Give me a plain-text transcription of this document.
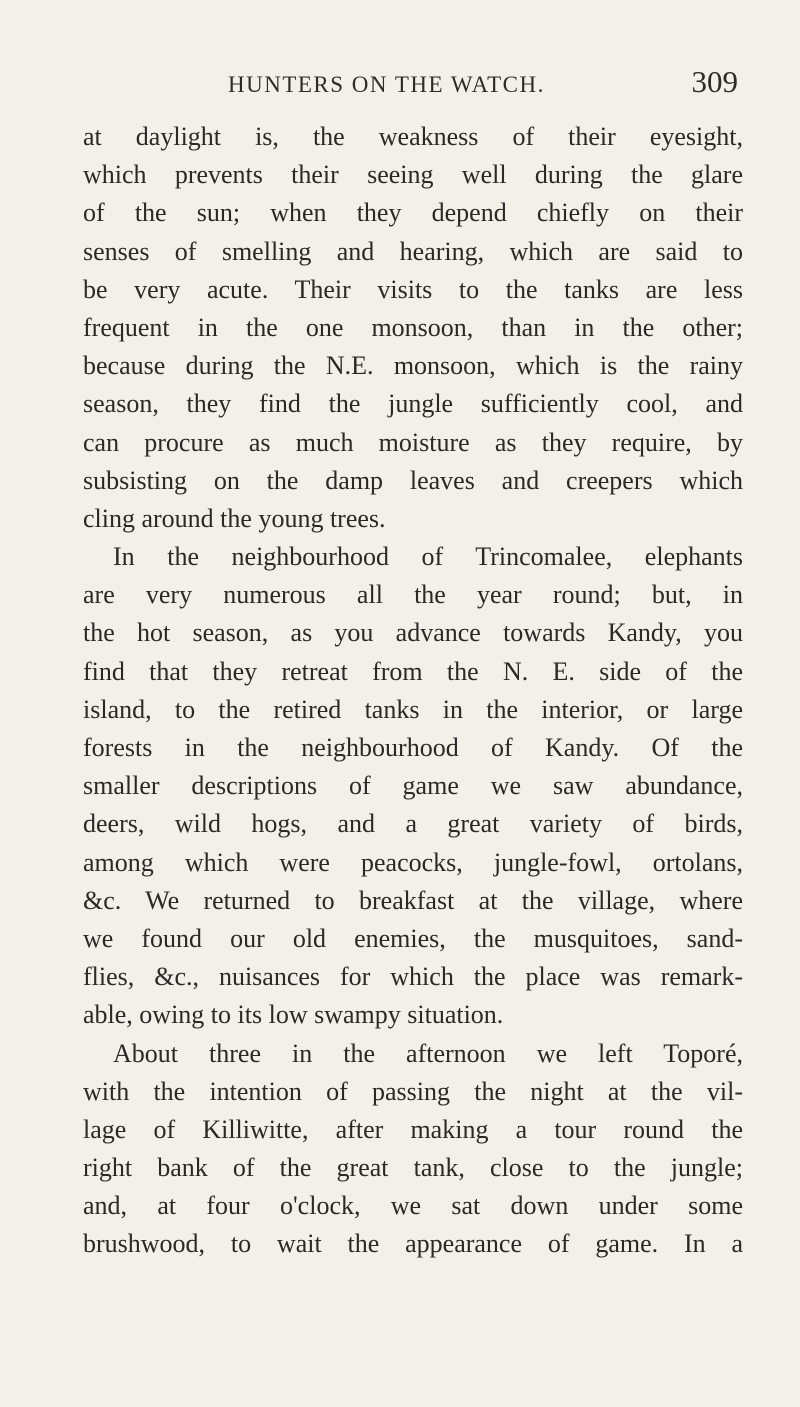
HUNTERS ON THE WATCH.	309
at daylight is, the weakness of their eyesight,
which prevents their seeing well during the glare
of the sun; when they depend chiefly on their
senses of smelling and hearing, which are said to
be very acute. Their visits to the tanks are less
frequent in the one monsoon, than in the other;
because during the N.E. monsoon, which is the rainy
season, they find the jungle sufficiently cool, and
can procure as much moisture as they require, by
subsisting on the damp leaves and creepers which
cling around the young trees.
In the neighbourhood of Trincomalee, elephants
are very numerous all the year round; but, in
the hot season, as you advance towards Kandy, you
find that they retreat from the N. E. side of the
island, to the retired tanks in the interior, or large
forests in the neighbourhood of Kandy. Of the
smaller descriptions of game we saw abundance,
deers, wild hogs, and a great variety of birds,
among which were peacocks, jungle-fowl, ortolans,
&c. We returned to breakfast at the village, where
we found our old enemies, the musquitoes, sand-
flies, &c., nuisances for which the place was remark-
able, owing to its low swampy situation.
About three in the afternoon we left Toporé,
with the intention of passing the night at the vil-
lage of Killiwitte, after making a tour round the
right bank of the great tank, close to the jungle;
and, at four o'clock, we sat down under some
brushwood, to wait the appearance of game. In a
